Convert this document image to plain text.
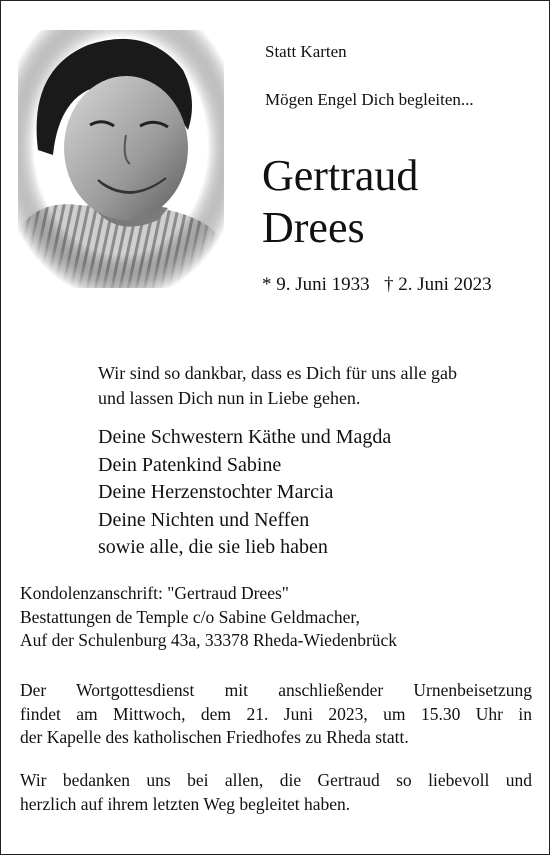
Statt Karten
Mögen Engel Dich begleiten...
Gertraud
Drees
* 9. Juni 1933 † 2. Juni 2023
Wir sind so dankbar, dass es Dich für uns alle gab
und lassen Dich nun in Liebe gehen.
Deine Schwestern Käthe und Magda
Dein Patenkind Sabine
Deine Herzenstochter Marcia
Deine Nichten und Neffen
sowie alle, die sie lieb haben
Kondolenzanschrift: "Gertraud Drees"
Bestattungen de Temple c/o Sabine Geldmacher,
Auf der Schulenburg 43a, 33378 Rheda-Wiedenbrück
Der Wortgottesdienst mit anschließender Urnenbeisetzung
findet am Mittwoch, dem 21. Juni 2023, um 15.30 Uhr in
der Kapelle des katholischen Friedhofes zu Rheda statt.
Wir bedanken uns bei allen, die Gertraud so liebevoll und
herzlich auf ihrem letzten Weg begleitet haben.
